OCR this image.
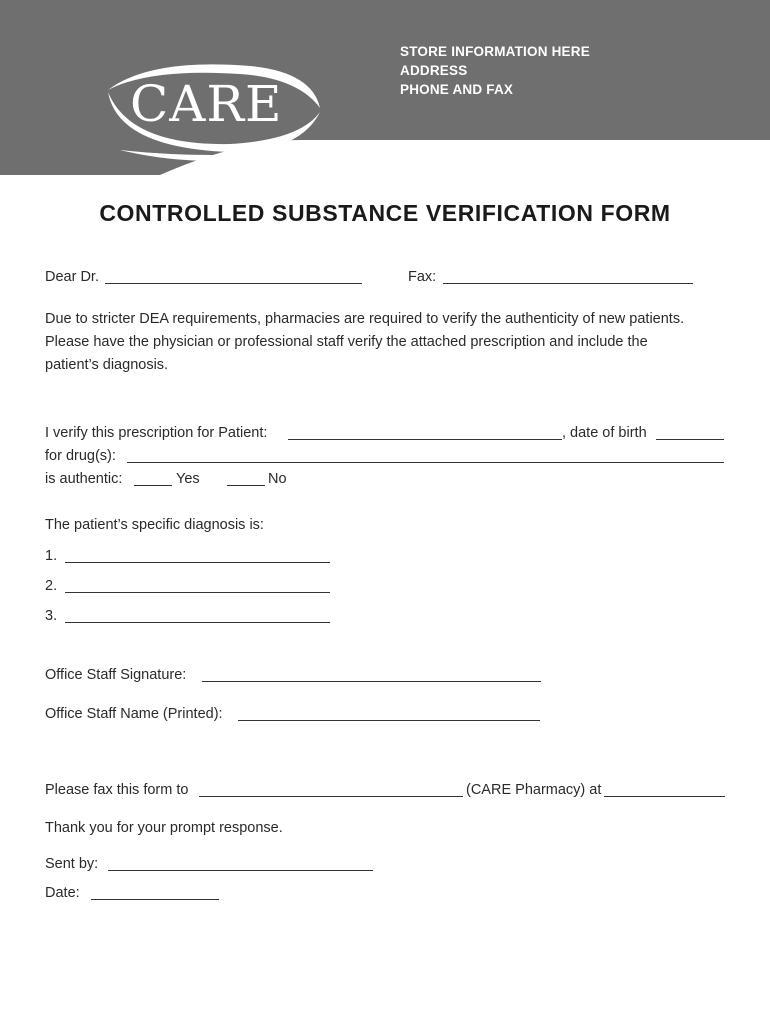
CARE
STORE INFORMATION HERE
ADDRESS
PHONE AND FAX
CONTROLLED SUBSTANCE VERIFICATION FORM
Dear Dr.	Fax:
Due to stricter DEA requirements, pharmacies are required to verify the authenticity of new patients.
Please have the physician or professional staff verify the attached prescription and include the
patient’s diagnosis.
I verify this prescription for Patient:	, date of birth
for drug(s):
is authentic:	Yes	No
The patient’s specific diagnosis is:
1.
2.
3.
Office Staff Signature:
Office Staff Name (Printed):
Please fax this form to	(CARE Pharmacy) at
Thank you for your prompt response.
Sent by:
Date:
